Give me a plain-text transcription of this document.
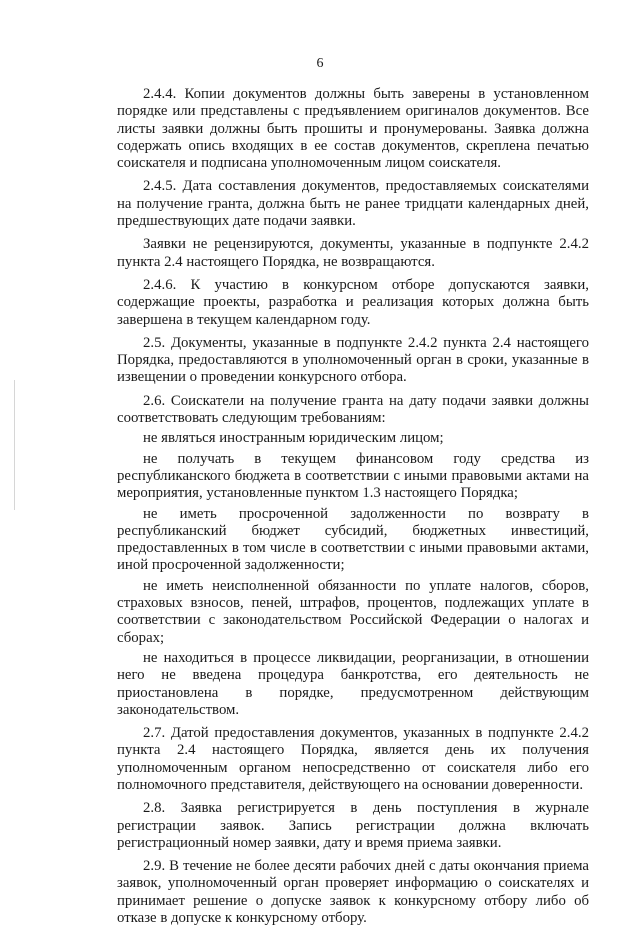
6

2.4.4. Копии документов должны быть заверены в установленном порядке или представлены с предъявлением оригиналов документов. Все листы заявки должны быть прошиты и пронумерованы. Заявка должна содержать опись входящих в ее состав документов, скреплена печатью соискателя и подписана уполномоченным лицом соискателя.

2.4.5. Дата составления документов, предоставляемых соискателями на получение гранта, должна быть не ранее тридцати календарных дней, предшествующих дате подачи заявки.

Заявки не рецензируются, документы, указанные в подпункте 2.4.2 пункта 2.4 настоящего Порядка, не возвращаются.

2.4.6. К участию в конкурсном отборе допускаются заявки, содержащие проекты, разработка и реализация которых должна быть завершена в текущем календарном году.

2.5. Документы, указанные в подпункте 2.4.2 пункта 2.4 настоящего Порядка, предоставляются в уполномоченный орган в сроки, указанные в извещении о проведении конкурсного отбора.

2.6. Соискатели на получение гранта на дату подачи заявки должны соответствовать следующим требованиям:

не являться иностранным юридическим лицом;

не получать в текущем финансовом году средства из республиканского бюджета в соответствии с иными правовыми актами на мероприятия, установленные пунктом 1.3 настоящего Порядка;

не иметь просроченной задолженности по возврату в республиканский бюджет субсидий, бюджетных инвестиций, предоставленных в том числе в соответствии с иными правовыми актами, иной просроченной задолженности;

не иметь неисполненной обязанности по уплате налогов, сборов, страховых взносов, пеней, штрафов, процентов, подлежащих уплате в соответствии с законодательством Российской Федерации о налогах и сборах;

не находиться в процессе ликвидации, реорганизации, в отношении него не введена процедура банкротства, его деятельность не приостановлена в порядке, предусмотренном действующим законодательством.

2.7. Датой предоставления документов, указанных в подпункте 2.4.2 пункта 2.4 настоящего Порядка, является день их получения уполномоченным органом непосредственно от соискателя либо его полномочного представителя, действующего на основании доверенности.

2.8. Заявка регистрируется в день поступления в журнале регистрации заявок. Запись регистрации должна включать регистрационный номер заявки, дату и время приема заявки.

2.9. В течение не более десяти рабочих дней с даты окончания приема заявок, уполномоченный орган проверяет информацию о соискателях и принимает решение о допуске заявок к конкурсному отбору либо об отказе в допуске к конкурсному отбору.
